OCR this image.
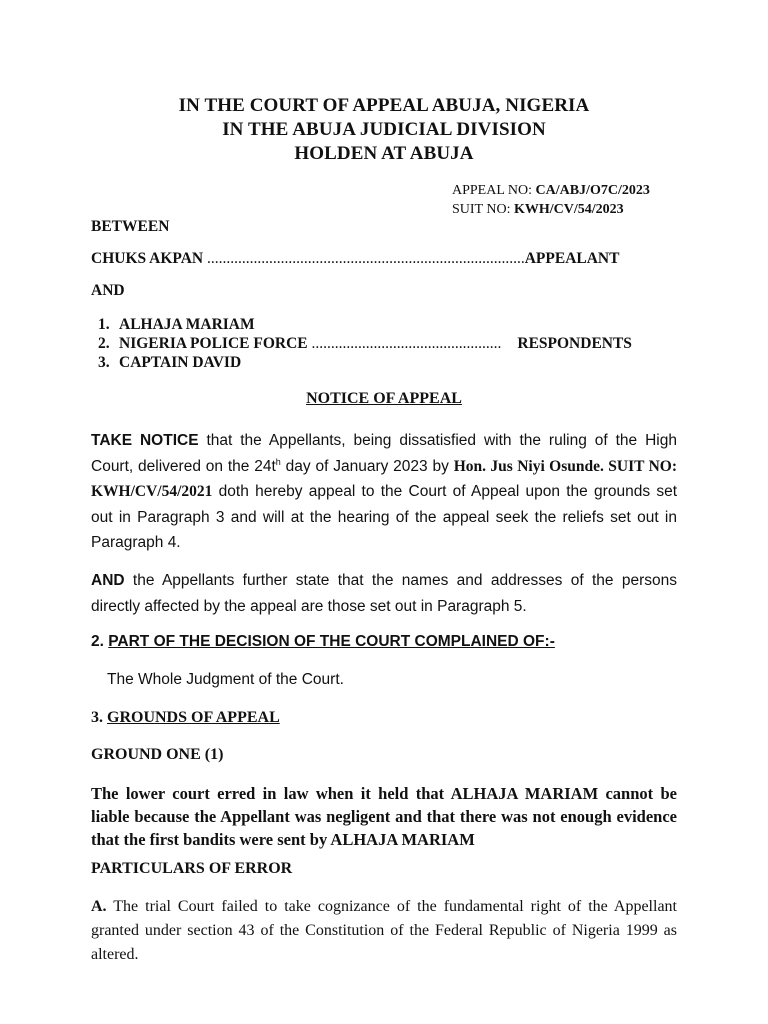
IN THE COURT OF APPEAL ABUJA, NIGERIA
IN THE ABUJA JUDICIAL DIVISION
HOLDEN AT ABUJA
APPEAL NO: CA/ABJ/O7C/2023
SUIT NO: KWH/CV/54/2023
BETWEEN
CHUKS AKPAN ..................................................................................APPEALANT
AND
1. ALHAJA MARIAM
2. NIGERIA POLICE FORCE ................................................. RESPONDENTS
3. CAPTAIN DAVID
NOTICE OF APPEAL
TAKE NOTICE that the Appellants, being dissatisfied with the ruling of the High Court, delivered on the $24t^h$ day of January 2023 by Hon. Jus Niyi Osunde. SUIT NO: KWH/CV/54/2021 doth hereby appeal to the Court of Appeal upon the grounds set out in Paragraph 3 and will at the hearing of the appeal seek the reliefs set out in Paragraph 4.
AND the Appellants further state that the names and addresses of the persons directly affected by the appeal are those set out in Paragraph 5.
2. PART OF THE DECISION OF THE COURT COMPLAINED OF:-
The Whole Judgment of the Court.
3. GROUNDS OF APPEAL
GROUND ONE (1)
The lower court erred in law when it held that ALHAJA MARIAM cannot be liable because the Appellant was negligent and that there was not enough evidence that the first bandits were sent by ALHAJA MARIAM
PARTICULARS OF ERROR
A. The trial Court failed to take cognizance of the fundamental right of the Appellant granted under section 43 of the Constitution of the Federal Republic of Nigeria 1999 as altered.
